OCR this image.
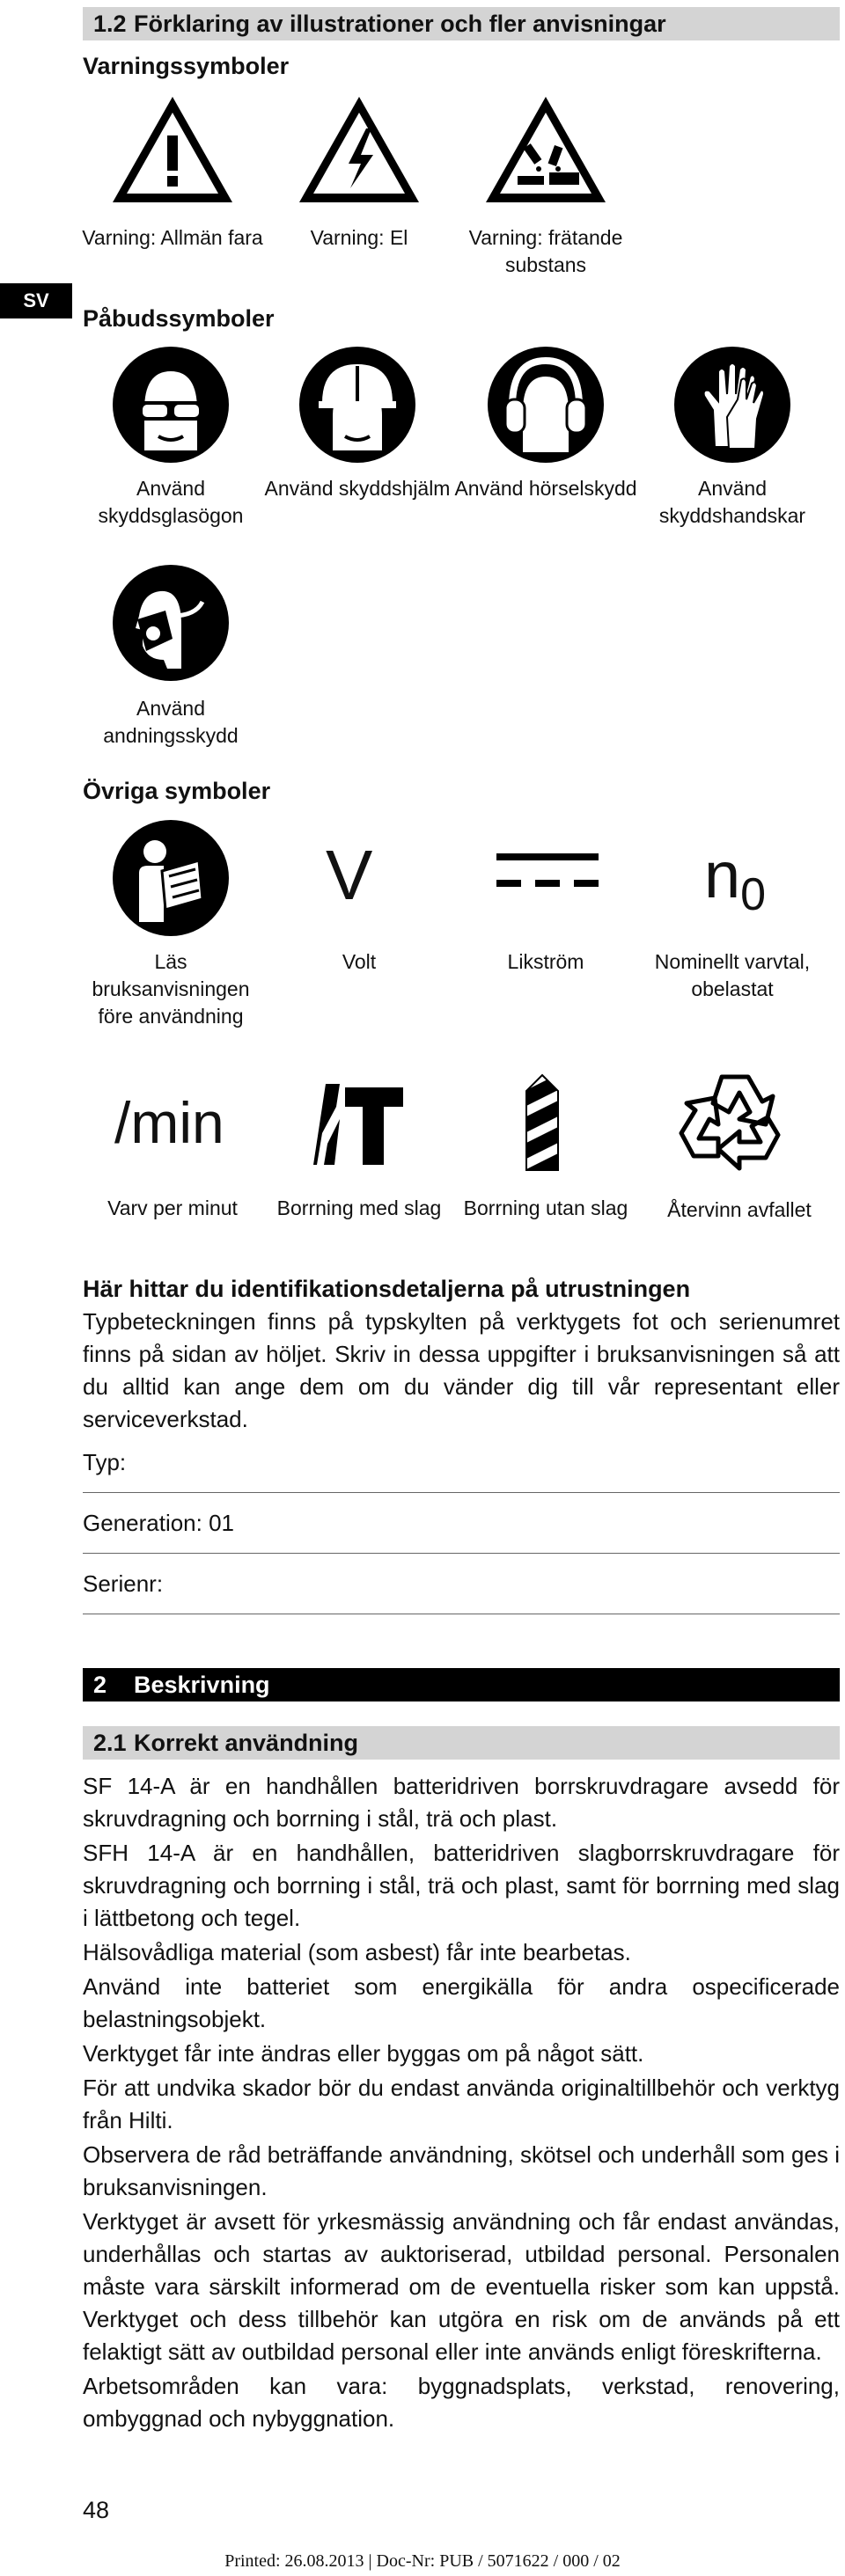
1.2 Förklaring av illustrationer och fler anvisningar
Varningssymboler
Varning: Allmän fara	Varning: El	Varning: frätande substans
SV
Påbudssymboler
Använd skyddsglasögon
Använd skyddshjälm Använd hörselskydd	Använd skyddshandskar
Använd andningsskydd
Övriga symboler
V	n0
Läs bruksanvisningen före användning
Volt	Likström	Nominellt varvtal, obelastat
/min
Varv per minut	Borrning med slag	Borrning utan slag	Återvinn avfallet
Här hittar du identifikationsdetaljerna på utrustningen

Typbeteckningen finns på typskylten på verktygets fot och serienumret finns på sidan av höljet. Skriv in dessa uppgifter i bruksanvisningen så att du alltid kan ange dem om du vänder dig till vår representant eller serviceverkstad.

Typ:
Generation: 01
Serienr:
2 Beskrivning
2.1 Korrekt användning

SF 14-A är en handhållen batteridriven borrskruvdragare avsedd för skruvdragning och borrning i stål, trä och plast.

SFH 14-A är en handhållen, batteridriven slagborrskruvdragare för skruvdragning och borrning i stål, trä och plast, samt för borrning med slag i lättbetong och tegel.

Hälsovådliga material (som asbest) får inte bearbetas.

Använd inte batteriet som energikälla för andra ospecificerade belastningsobjekt.

Verktyget får inte ändras eller byggas om på något sätt.

För att undvika skador bör du endast använda originaltillbehör och verktyg från Hilti.

Observera de råd beträffande användning, skötsel och underhåll som ges i bruksanvisningen.

Verktyget är avsett för yrkesmässig användning och får endast användas, underhållas och startas av auktoriserad, utbildad personal. Personalen måste vara särskilt informerad om de eventuella risker som kan uppstå. Verktyget och dess tillbehör kan utgöra en risk om de används på ett felaktigt sätt av outbildad personal eller inte används enligt föreskrifterna.

Arbetsområden kan vara: byggnadsplats, verkstad, renovering, ombyggnad och nybyggnation.

48
Printed: 26.08.2013 | Doc-Nr: PUB / 5071622 / 000 / 02
